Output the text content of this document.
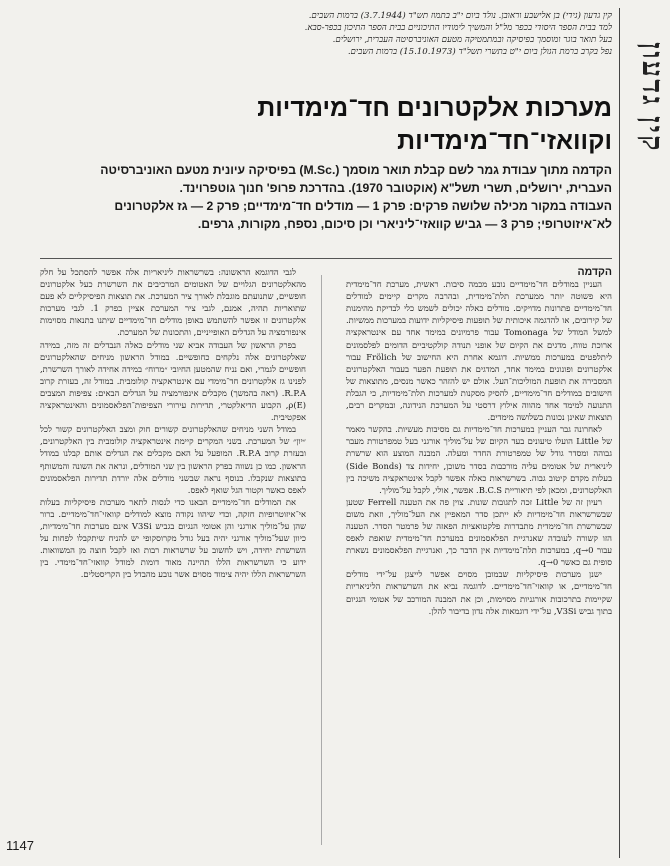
קין גדעון

קין גדעון (גידי) בן אלישבע וראובן. נולד ביום י"ב בתמוז תש"ד (3.7.1944) ברמות השבים.

למד בבית הספר היסודי בכפר מל"ל והמשיך לימודיו התיכוניים בבית הספר התיכון בכפר-סבא.

בעל תואר בוגר ומוסמך בפיסיקה ובמתמטיקה מטעם האוניברסיטה העברית, ירושלים.

נפל בקרב ברמת הגולן ביום י"ט בתשרי תשל"ד (15.10.1973) ברמות השבים.

מערכות אלקטרונים חד־מימדיות
וקוואזי־חד־מימדיות

הקדמה מתוך עבודת גמר לשם קבלת תואר מוסמך (.M.Sc) בפיסיקה עיונית מטעם האוניברסיטה העברית, ירושלים, תשרי תשל"א (אוקטובר 1970). בהדרכת פרופ' חנוך גוטפרוינד.

העבודה במקור מכילה שלושה פרקים: פרק 1 — מודלים חד־מימדיים; פרק 2 — גז אלקטרונים לא־איזוטרופי; פרק 3 — גביש קוואזי־ליניארי וכן סיכום, נספח, מקורות, גרפים.

הקדמה

העניין במודלים חד־מימדיים נובע מכמה סיבות. ראשית, מערכת חד־מימדית היא פשוטה יותר ממערכת תלת־מימדית, ובהרבה מקרים קיימים למודלים חד־מימדיים פתרונות מדויקים. מודלים כאלה יכולים לשמש כלי לבדיקת מהימנות של קירובים, או להדגמה איכותית של תופעות פיסיקליות ידועות במערכות ממשיות. למשל המודל של Tomonaga עבור פרמיונים במימד אחד עם אינטראקציה ארוכת טווח, מדגים את הקיום של אופני תנודה קולקטיביים הדומים לפלסמונים ליתלפטים במערכות ממשיות. דוגמא אחרת היא החישוב של Frölich עבור אלקטרונים ופונונים במימד אחד, המדגים את תופעת הפער בעבור האלקטרונים המסבירה את תופעת המוליכות־העל. אולם יש להזהר כאשר מנסים, מתוצאות של חישובים במודלים חד־מימדיים, להסיק מסקנות למערכות תלת־מימדיות, כי הגבלת התנועה למימד אחד מהווה אילוץ דרסטי על המערכת הנידונה, ובמקרים רבים, תוצאות שאינן נכונות בשלושה מימדים.

לאחרונה גבר העניין במערכות חד־מימדיות גם מסיבות מעשיות. בהקשר מאמר של Little הועלו טיעונים בעד הקיום של על־מוליך אורגני בעל טמפרטורת מעבר גבוהה ומסדר גודל של טמפרטורת החדר ומעלה. המבנה המוצע הוא שרשרת ליניארית של אטומים עליה מורכבות בסדר משוכן, יחידות צד (Side Bonds) בעלות מקדם קיטוב גבוה. בשרשראות כאלה אפשר לקבל אינטראקציה משיכה בין האלקטרונים, ומכאן לפי תיאוריית B.C.S. אפשר, אולי, לקבל על־מוליך.

רעיון זה של Little זכה לתגובות שונות. צוין פה את הטענה Ferrell שטען שבשרשראות חד־מימדיות לא ייתכן סדר המאפיין את העל־מוליך, וזאת משום שבשרשרת חד־מימדית מתבדרות פלקטואציות הפאזה של פרמטר הסדר. הטענה הזו קשורה לעובדה שאנרגיית הפלאסמונים במערכת חד־מימדית שואפת לאפס עבור q→0, במערכות תלת־מימדיות אין הדבר כך, ואנרגיית הפלאסמונים נשארת סופית גם כאשר q→0.

ישנן מערכות פיסיקליות שבמובן מסוים אפשר לייצגן על־ידי מודלים חד־מימדיים, או קוואזי־חד־מימדיים. לדוגמה נביא את השרשראות הליניאריות שקיימות בתרכובות אורגניות מסוימות, וכן את המבנה המורכב של אטומי הנגיום בתוך גביש V3Si, על־ידי דוגמאות אלה נדון בדיבור להלן.

לגבי הדוגמא הראשונה: בשרשראות ליניאריות אלה אפשר להסתכל על חלק מהאלקטרונים הגלויים של האטומים המרכיבים את השרשרת כעל אלקטרונים חופשיים, שתנועתם מוגבלת לאורך ציר המערכת. את תוצאות הפיסיקליים לא פעם שתואריות תהיה, אמנם, לגבי ציר המערכת אציין בפרק 1. לגבי מערכות אלקטרונים זו אפשר להשתמש באופן מודלים חד־מימדיים שיתנו בתנאות מסוימות אינפורמציה על הגדלים האופייניים, והתכונות של המערכת.

בפרק הראשון של העבודה אביא שני מודלים כאלה הנבדלים זה מזה, במידה שאלקטרונים אלה נלקחים כחופשיים. במודל הראשון מניחים שהאלקטרונים חופשיים לגמרי, ואם נניח שהמטען החיובי ״מרוח״ במידה אחידה לאורך השרשרת, לפנינו גז אלקטרונים חד־מימדי עם אינטראקציה קולומבית. במודל זה, בעזרת קרוב R.P.A. (ראה בהמשך) מקבלים אינפורמציה על הגדלים הבאים: צפיפות המצבים (E)ρ, הקבוע הדיאלקטרי, תדירות עירורי הצפיפות־הפלאסמונים והאינטראקציה אפקטיבית.

במודל השני מניחים שהאלקטרונים קשורים חוק ומצב האלקטרונים קשור לכל ״יון״ של המערכת. בשני המקרים קיימת אינטראקציה קולומבית בין האלקטרונים, ובעזרת קרוב R.P.A. המופעל על האם מקבלים את הגדלים אותם קבלנו במודל הראשון. כמו כן נשווה בפרק הראשון בין שני המודלים, ונראה את השונה והמשותף בתוצאות שנקבלו. בנוסף נראה שבשני מודלים אלה יורדת תדירות הפלאסמונים לאפס כאשר וקטור הגל שואף לאפס.

את המודלים חד־מימדיים הבאנו כדי לנסות לתאר מערכות פיסיקליות בעלות אי־איזוטרופיות חזקה, וכדי שיהוו נקודה מוצא למודלים קוואזי־חד־מימדיים. ברור שהן על־מוליך אורגני והן אטומי הנגיום בגביש V3Si אינם מערכות חד־מימדיות, כיוון שעל־מוליך אורגני יהיה בעל גודל מקרוסקופי יש להניח שיתקבלו לפחות על השרשרת יחידה, ויש לחשוב על שרשראות רבות ואז לקבל חוצה מן המשוואות. ידוע כי השרשראות הללו תהיינה מאוד דומות למודל קוואזי־חד־מימדי. בין השרשראות הללו יהיה צימוד מסוים אשר נובע מהבדל בין הקריסטלים.

1147
